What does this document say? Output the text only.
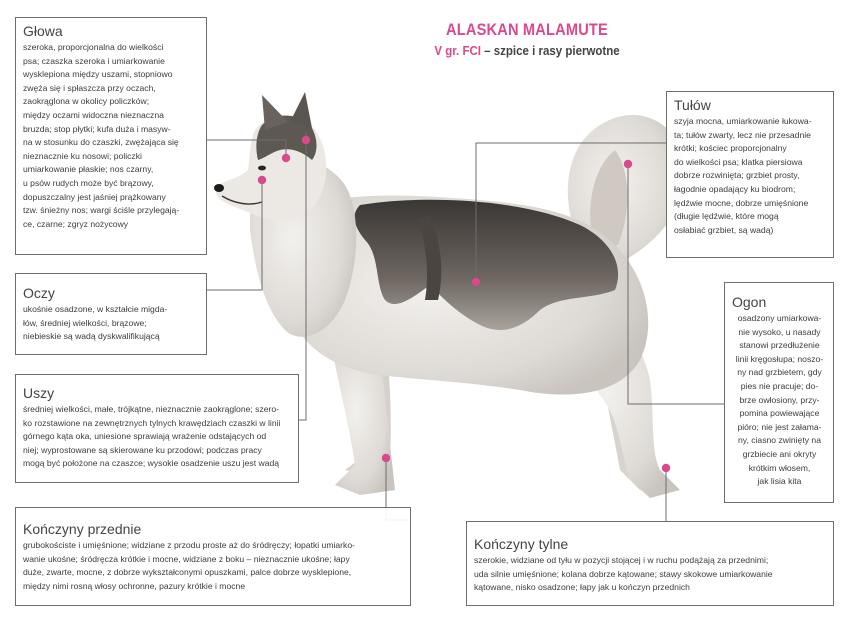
ALASKAN MALAMUTE
V gr. FCI – szpice i rasy pierwotne
Głowa

szeroka, proporcjonalna do wielkości
psa; czaszka szeroka i umiarkowanie
wysklepiona między uszami, stopniowo
zwęża się i spłaszcza przy oczach,
zaokrąglona w okolicy policzków;
między oczami widoczna nieznaczna
bruzda; stop płytki; kufa duża i masyw-
na w stosunku do czaszki, zwężająca się
nieznacznie ku nosowi; policzki
umiarkowanie płaskie; nos czarny,
u psów rudych może być brązowy,
dopuszczalny jest jaśniej prążkowany
tzw. śnieżny nos; wargi ściśle przylegają-
ce, czarne; zgryz nożycowy

Oczy

ukośnie osadzone, w kształcie migda-
łów, średniej wielkości, brązowe;
niebieskie są wadą dyskwalifikującą

Uszy

średniej wielkości, małe, trójkątne, nieznacznie zaokrąglone; szero-
ko rozstawione na zewnętrznych tylnych krawędziach czaszki w linii
górnego kąta oka, uniesione sprawiają wrażenie odstających od
niej; wyprostowane są skierowane ku przodowi; podczas pracy
mogą być położone na czaszce; wysokie osadzenie uszu jest wadą

Kończyny przednie

grubokościste i umięśnione; widziane z przodu proste aż do śródręczy; łopatki umiarko-
wanie ukośne; śródręcza krótkie i mocne, widziane z boku – nieznacznie ukośne; łapy
duże, zwarte, mocne, z dobrze wykształconymi opuszkami, palce dobrze wysklepione,
między nimi rosną włosy ochronne, pazury krótkie i mocne

Tułów

szyja mocna, umiarkowanie łukowa-
ta; tułów zwarty, lecz nie przesadnie
krótki; kościec proporcjonalny
do wielkości psa; klatka piersiowa
dobrze rozwinięta; grzbiet prosty,
łagodnie opadający ku biodrom;
lędźwie mocne, dobrze umięśnione
(długie lędźwie, które mogą
osłabiać grzbiet, są wadą)

Ogon

osadzony umiarkowa-
nie wysoko, u nasady
stanowi przedłużenie
linii kręgosłupa; noszo-
ny nad grzbietem, gdy
pies nie pracuje; do-
brze owłosiony, przy-
pomina powiewające
pióro; nie jest załama-
ny, ciasno zwinięty na
grzbiecie ani okryty
krótkim włosem,
jak lisia kita

Kończyny tylne

szerokie, widziane od tyłu w pozycji stojącej i w ruchu podążają za przednimi;
uda silnie umięśnione; kolana dobrze kątowane; stawy skokowe umiarkowanie
kątowane, nisko osadzone; łapy jak u kończyn przednich
